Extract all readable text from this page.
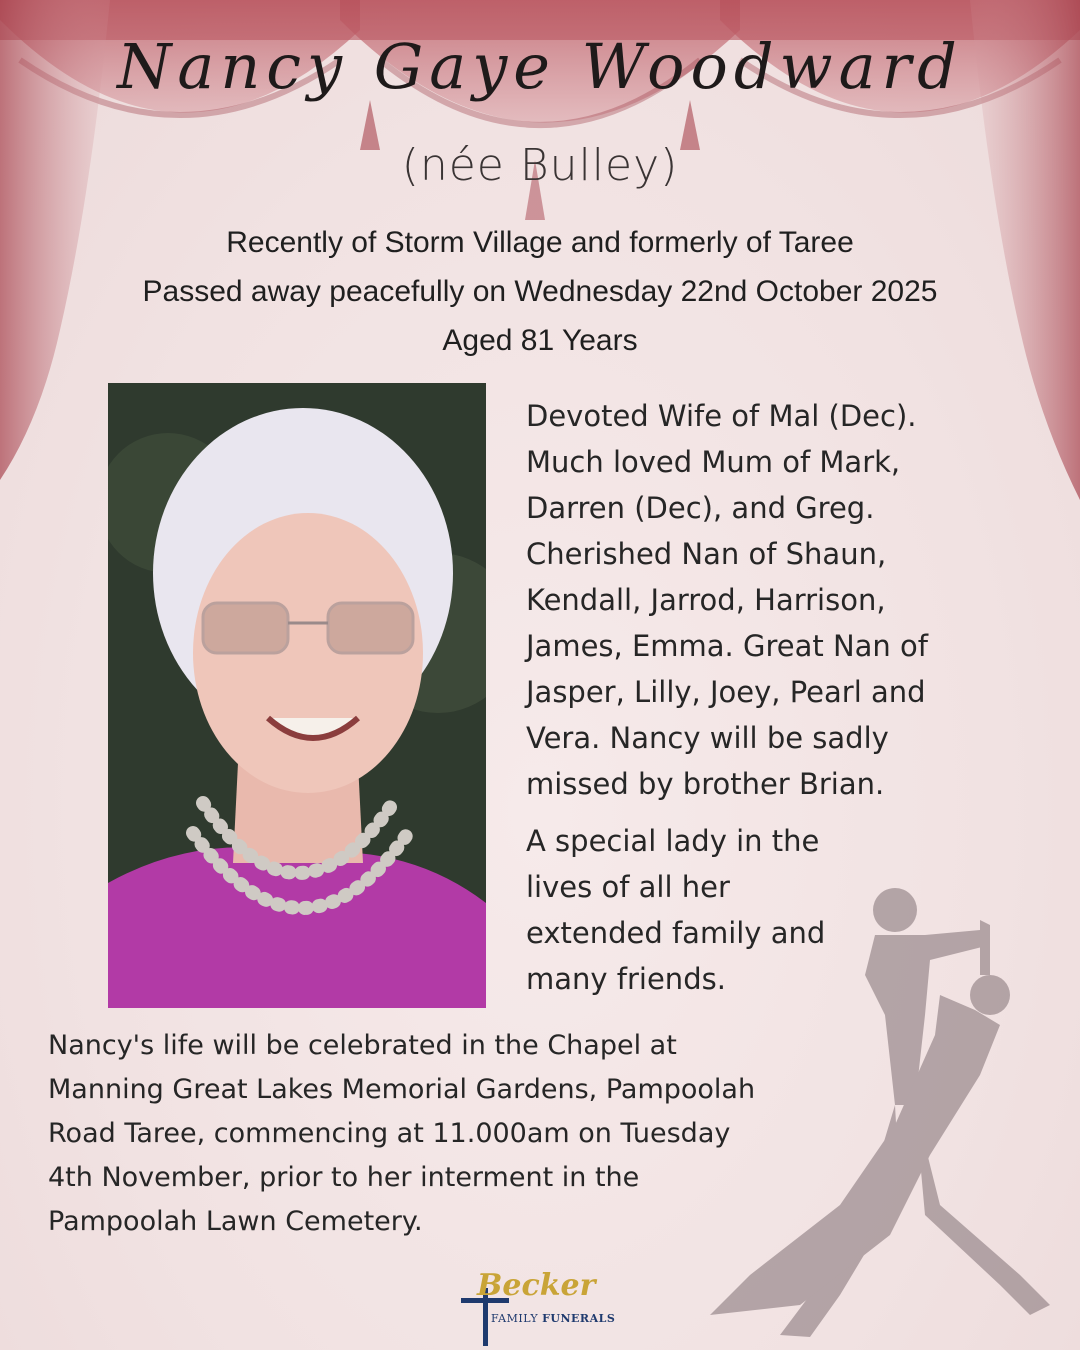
Nancy Gaye Woodward
(née Bulley)
Recently of Storm Village and formerly of Taree
Passed away peacefully on Wednesday 22nd October 2025
Aged 81 Years
Devoted Wife of Mal (Dec). Much loved Mum of Mark, Darren (Dec), and Greg. Cherished Nan of Shaun, Kendall, Jarrod, Harrison, James, Emma. Great Nan of Jasper, Lilly, Joey, Pearl and Vera. Nancy will be sadly missed by brother Brian.
A special lady in the lives of all her extended family and many friends.
Nancy's life will be celebrated in the Chapel at Manning Great Lakes Memorial Gardens, Pampoolah Road Taree, commencing at 11.000am on Tuesday 4th November, prior to her interment in the Pampoolah Lawn Cemetery.
Becker
FAMILY FUNERALS
